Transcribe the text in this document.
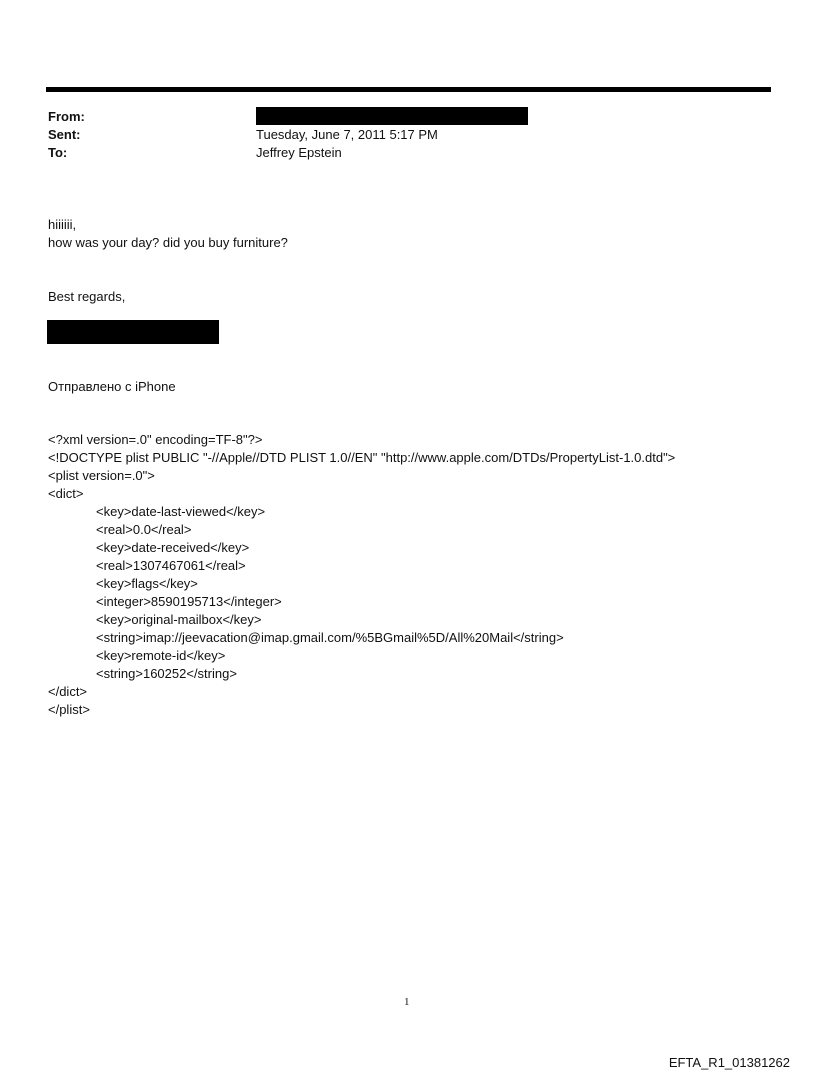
From:
Sent:	Tuesday, June 7, 2011 5:17 PM
To:	Jeffrey Epstein
hiiiiii,
how was your day? did you buy furniture?
Best regards,
Отправлено с iPhone
<?xml version=.0" encoding=TF-8"?>
<!DOCTYPE plist PUBLIC "-//Apple//DTD PLIST 1.0//EN" "http://www.apple.com/DTDs/PropertyList-1.0.dtd">
<plist version=.0">
<dict>
<key>date-last-viewed</key>
<real>0.0</real>
<key>date-received</key>
<real>1307467061</real>
<key>flags</key>
<integer>8590195713</integer>
<key>original-mailbox</key>
<string>imap://jeevacation@imap.gmail.com/%5BGmail%5D/All%20Mail</string>
<key>remote-id</key>
<string>160252</string>
</dict>
</plist>
1
EFTA_R1_01381262
